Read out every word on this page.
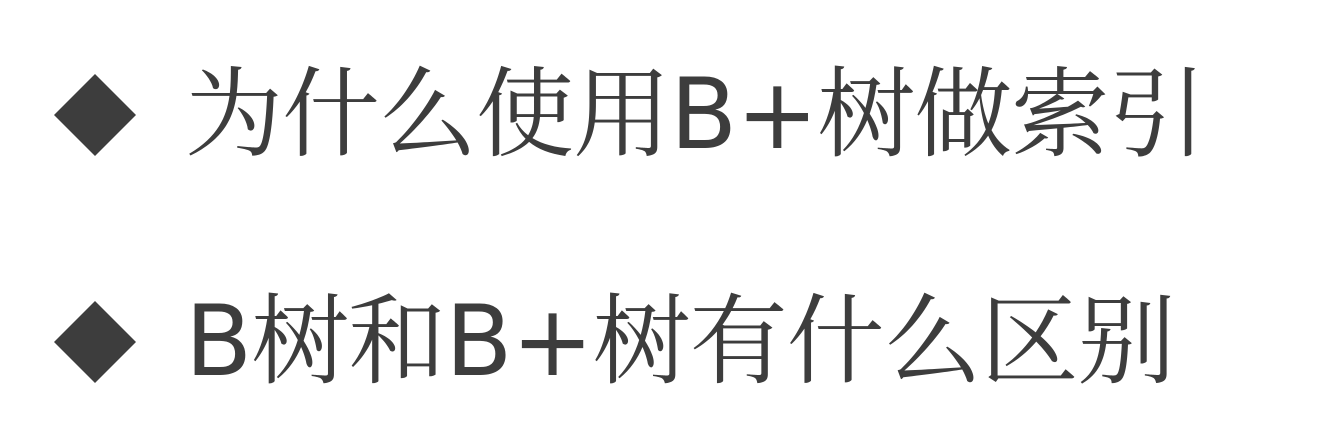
为什么使用B+树做索引
B树和B+树有什么区别
